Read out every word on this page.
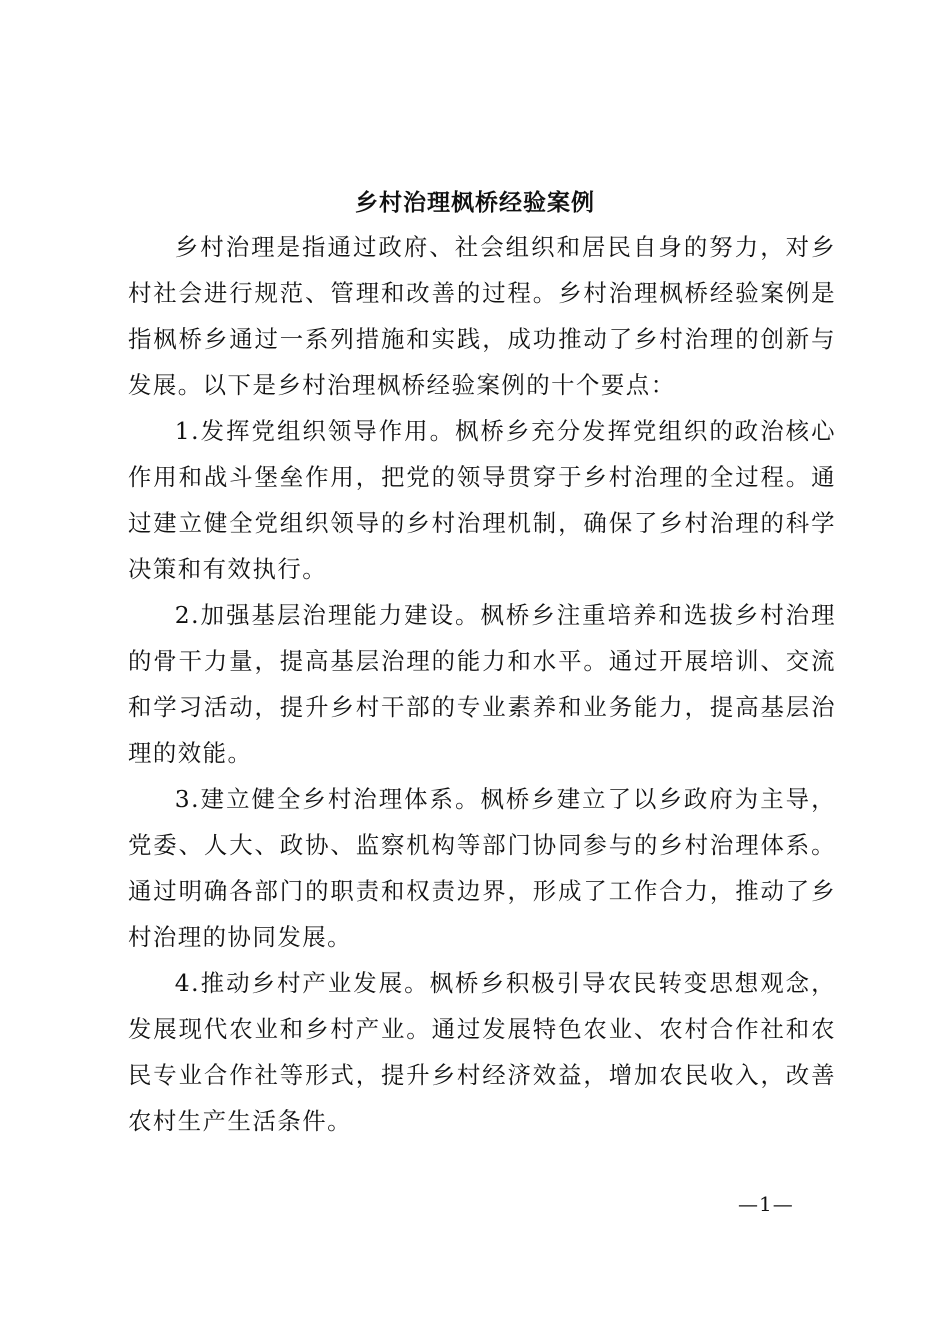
乡村治理枫桥经验案例

乡村治理是指通过政府、社会组织和居民自身的努力，对乡村社会进行规范、管理和改善的过程。乡村治理枫桥经验案例是指枫桥乡通过一系列措施和实践，成功推动了乡村治理的创新与发展。以下是乡村治理枫桥经验案例的十个要点：

1.发挥党组织领导作用。枫桥乡充分发挥党组织的政治核心作用和战斗堡垒作用，把党的领导贯穿于乡村治理的全过程。通过建立健全党组织领导的乡村治理机制，确保了乡村治理的科学决策和有效执行。

2.加强基层治理能力建设。枫桥乡注重培养和选拔乡村治理的骨干力量，提高基层治理的能力和水平。通过开展培训、交流和学习活动，提升乡村干部的专业素养和业务能力，提高基层治理的效能。

3.建立健全乡村治理体系。枫桥乡建立了以乡政府为主导，党委、人大、政协、监察机构等部门协同参与的乡村治理体系。通过明确各部门的职责和权责边界，形成了工作合力，推动了乡村治理的协同发展。

4.推动乡村产业发展。枫桥乡积极引导农民转变思想观念，发展现代农业和乡村产业。通过发展特色农业、农村合作社和农民专业合作社等形式，提升乡村经济效益，增加农民收入，改善农村生产生活条件。

—1—
